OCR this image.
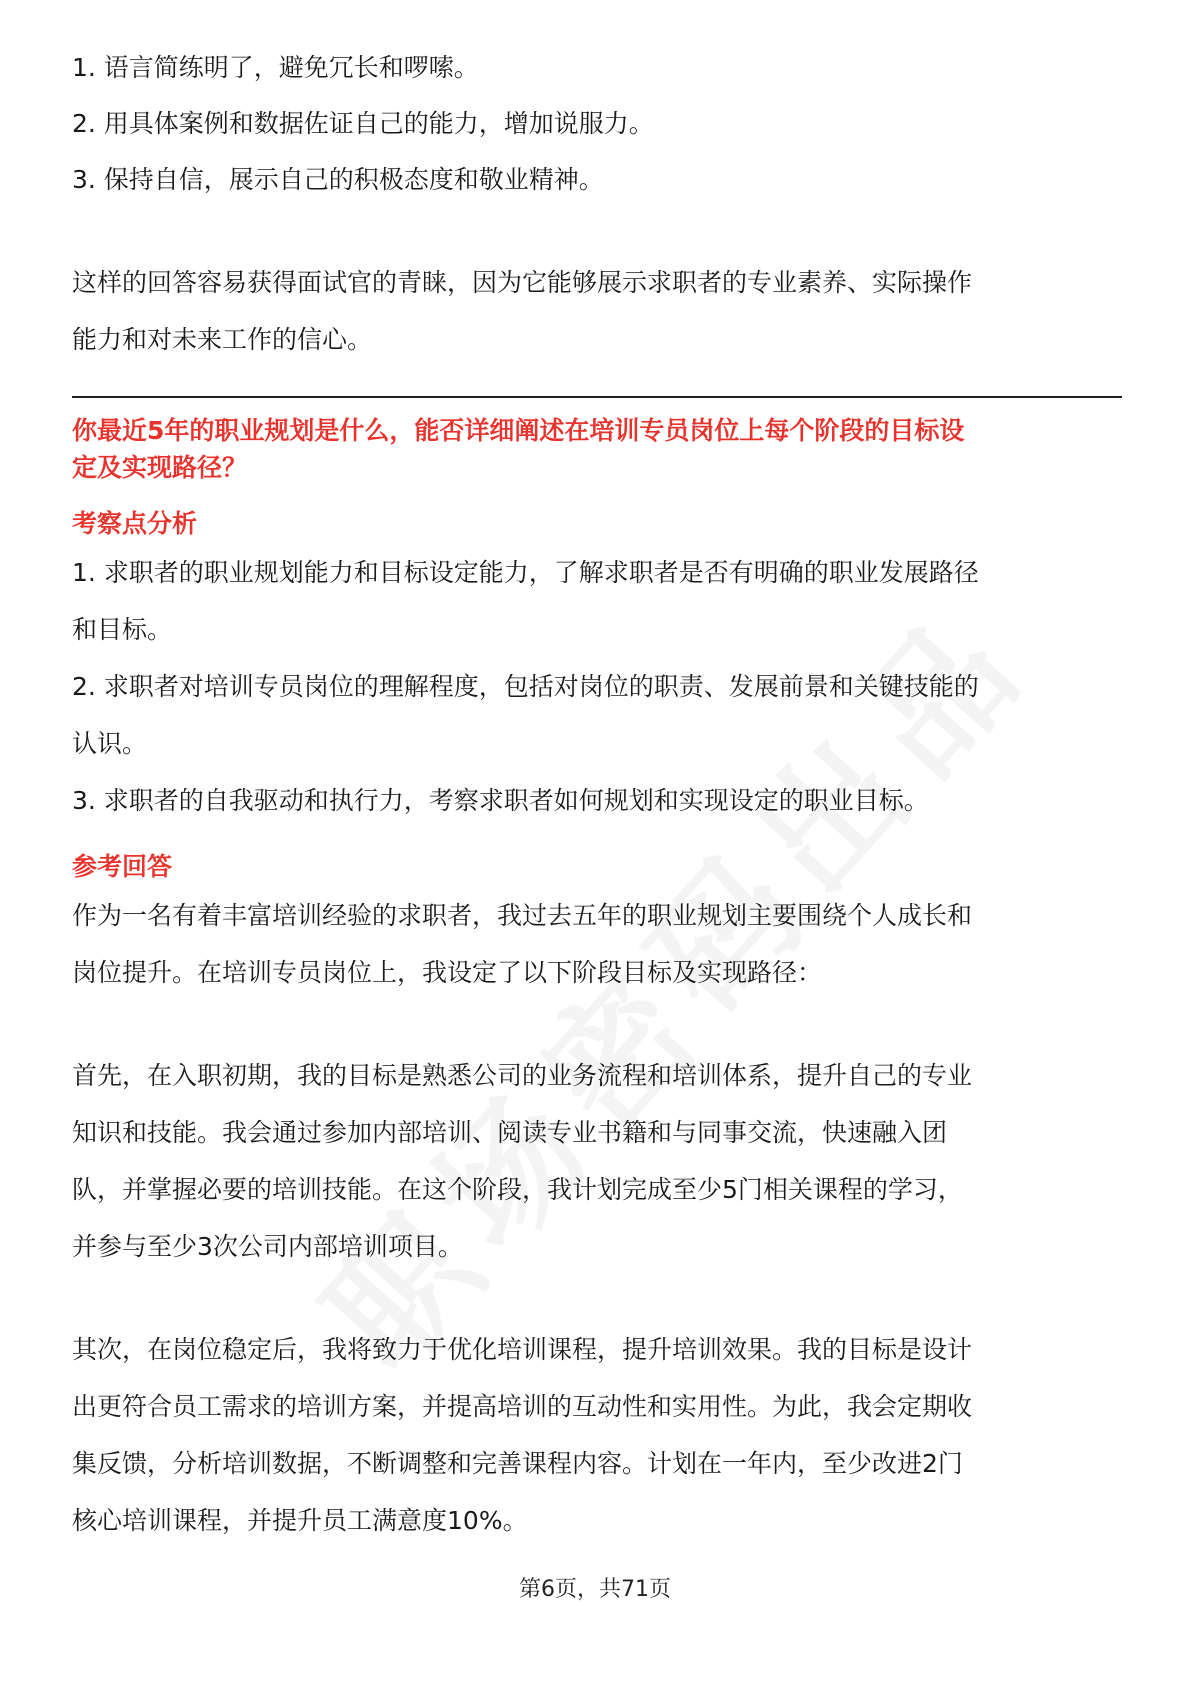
1. 语言简练明了，避免冗长和啰嗦。

2. 用具体案例和数据佐证自己的能力，增加说服力。

3. 保持自信，展示自己的积极态度和敬业精神。

这样的回答容易获得面试官的青睐，因为它能够展示求职者的专业素养、实际操作

能力和对未来工作的信心。

你最近5年的职业规划是什么，能否详细阐述在培训专员岗位上每个阶段的目标设

定及实现路径？

考察点分析

1. 求职者的职业规划能力和目标设定能力，了解求职者是否有明确的职业发展路径

和目标。

2. 求职者对培训专员岗位的理解程度，包括对岗位的职责、发展前景和关键技能的

认识。

3. 求职者的自我驱动和执行力，考察求职者如何规划和实现设定的职业目标。

参考回答

作为一名有着丰富培训经验的求职者，我过去五年的职业规划主要围绕个人成长和

岗位提升。在培训专员岗位上，我设定了以下阶段目标及实现路径：

首先，在入职初期，我的目标是熟悉公司的业务流程和培训体系，提升自己的专业

知识和技能。我会通过参加内部培训、阅读专业书籍和与同事交流，快速融入团

队，并掌握必要的培训技能。在这个阶段，我计划完成至少5门相关课程的学习，

并参与至少3次公司内部培训项目。

其次，在岗位稳定后，我将致力于优化培训课程，提升培训效果。我的目标是设计

出更符合员工需求的培训方案，并提高培训的互动性和实用性。为此，我会定期收

集反馈，分析培训数据，不断调整和完善课程内容。计划在一年内，至少改进2门

核心培训课程，并提升员工满意度10%。

第6页，共71页
